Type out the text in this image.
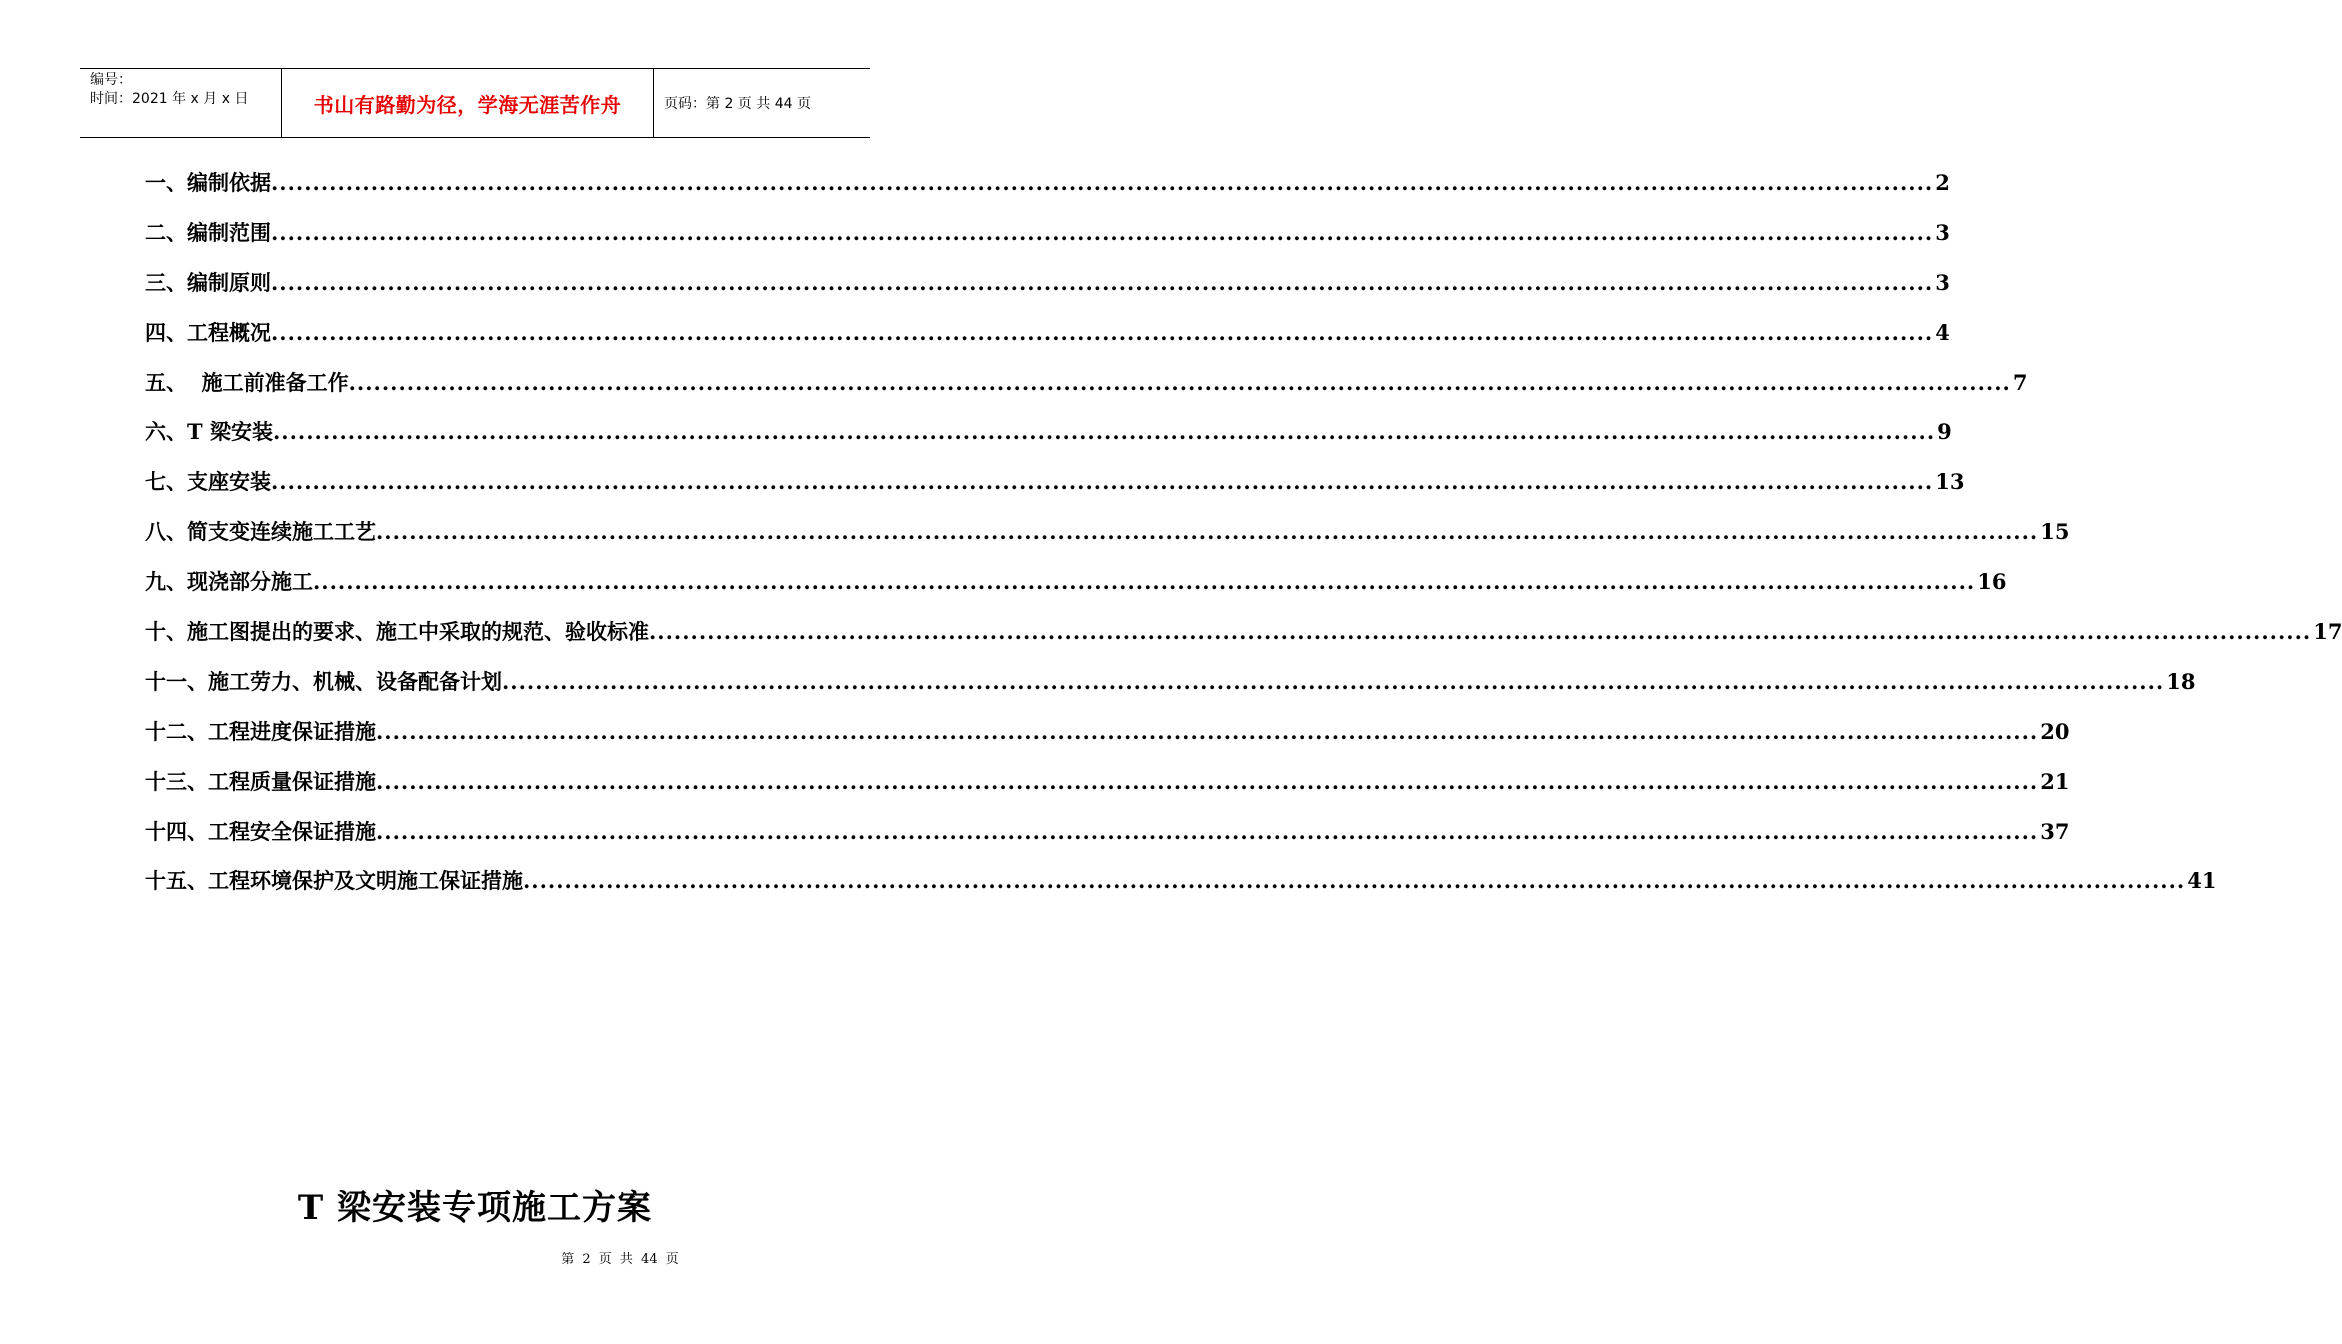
编号：
时间：2021 年 x 月 x 日	书山有路勤为径，学海无涯苦作舟	页码：第 2 页 共 44 页
一、编制依据 ........................................................................................................................................................................................................ 2
二、编制范围 ........................................................................................................................................................................................................ 3
三、编制原则 ........................................................................................................................................................................................................ 3
四、工程概况 ........................................................................................................................................................................................................ 4
五、  施工前准备工作 ........................................................................................................................................................................................................ 7
六、T 梁安装 ........................................................................................................................................................................................................ 9
七、支座安装 ........................................................................................................................................................................................................ 13
八、简支变连续施工工艺 ........................................................................................................................................................................................................ 15
九、现浇部分施工 ........................................................................................................................................................................................................ 16
十、施工图提出的要求、施工中采取的规范、验收标准 ........................................................................................................................................................................................................ 17
十一、施工劳力、机械、设备配备计划 ........................................................................................................................................................................................................ 18
十二、工程进度保证措施 ........................................................................................................................................................................................................ 20
十三、工程质量保证措施 ........................................................................................................................................................................................................ 21
十四、工程安全保证措施 ........................................................................................................................................................................................................ 37
十五、工程环境保护及文明施工保证措施 ........................................................................................................................................................................................................ 41
T 梁安装专项施工方案
第 2 页 共 44 页
